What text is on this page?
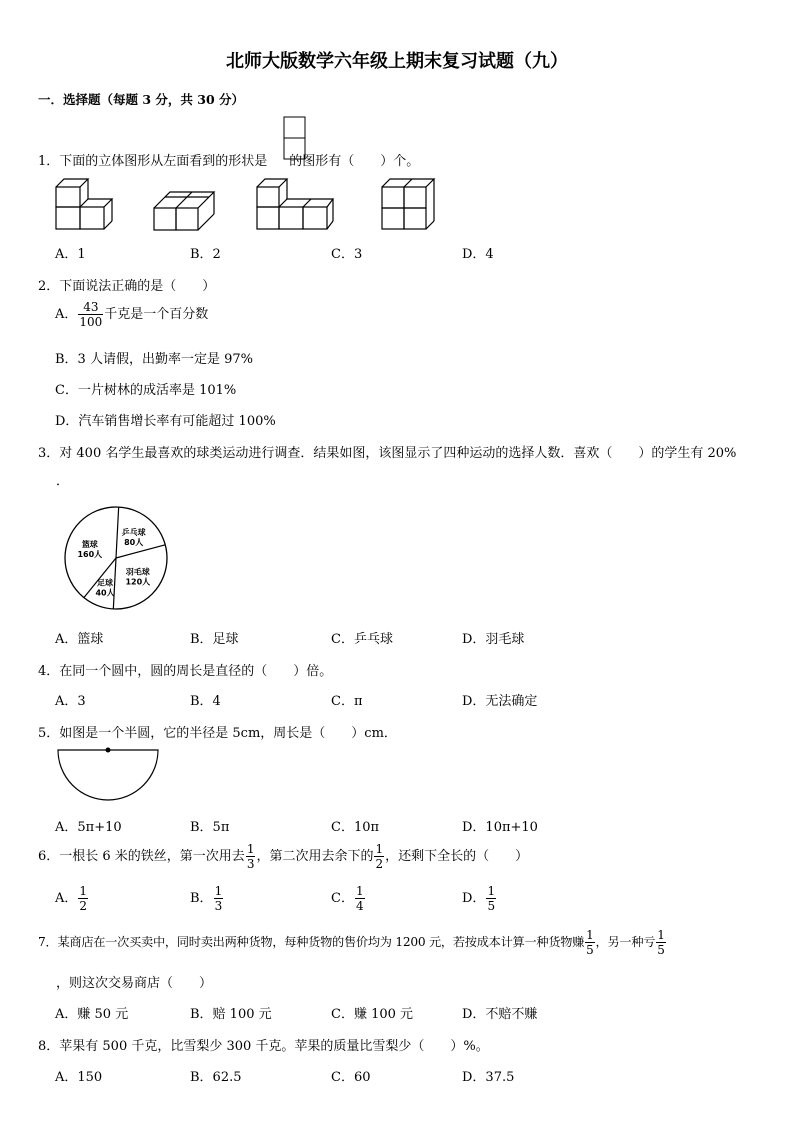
北师大版数学六年级上期末复习试题（九）
一．选择题（每题 3 分，共 30 分）
1．下面的立体图形从左面看到的形状是 的图形有（　　）个。
A．1	B．2	C．3	D．4
2．下面说法正确的是（　　）
A． $\frac{43}{100}$ 千克是一个百分数
B．3 人请假，出勤率一定是 97%
C．一片树林的成活率是 101%
D．汽车销售增长率有可能超过 100%
3．对 400 名学生最喜欢的球类运动进行调查．结果如图，该图显示了四种运动的选择人数．喜欢（　　）的学生有 20%
．
乒乓球
80人
羽毛球
120人
足球
40人
篮球
160人
A．篮球	B．足球	C．乒乓球	D．羽毛球
4．在同一个圆中，圆的周长是直径的（　　）倍。
A．3	B．4	C．π	D．无法确定
5．如图是一个半圆，它的半径是 5cm，周长是（　　）cm．
A．5π+10	B．5π	C．10π	D．10π+10
6．一根长 6 米的铁丝，第一次用去 $\frac{1}{3}$ ，第二次用去余下的 $\frac{1}{2}$ ，还剩下全长的（　　）
A． $\frac{1}{2}$	B． $\frac{1}{3}$	C． $\frac{1}{4}$	D． $\frac{1}{5}$
7．某商店在一次买卖中，同时卖出两种货物，每种货物的售价均为 1200 元，若按成本计算一种货物赚 $\frac{1}{5}$ ，另一种亏 $\frac{1}{5}$
，则这次交易商店（　　）
A．赚 50 元	B．赔 100 元	C．赚 100 元	D．不赔不赚
8．苹果有 500 千克，比雪梨少 300 千克。苹果的质量比雪梨少（　　）%。
A．150	B．62.5	C．60	D．37.5
